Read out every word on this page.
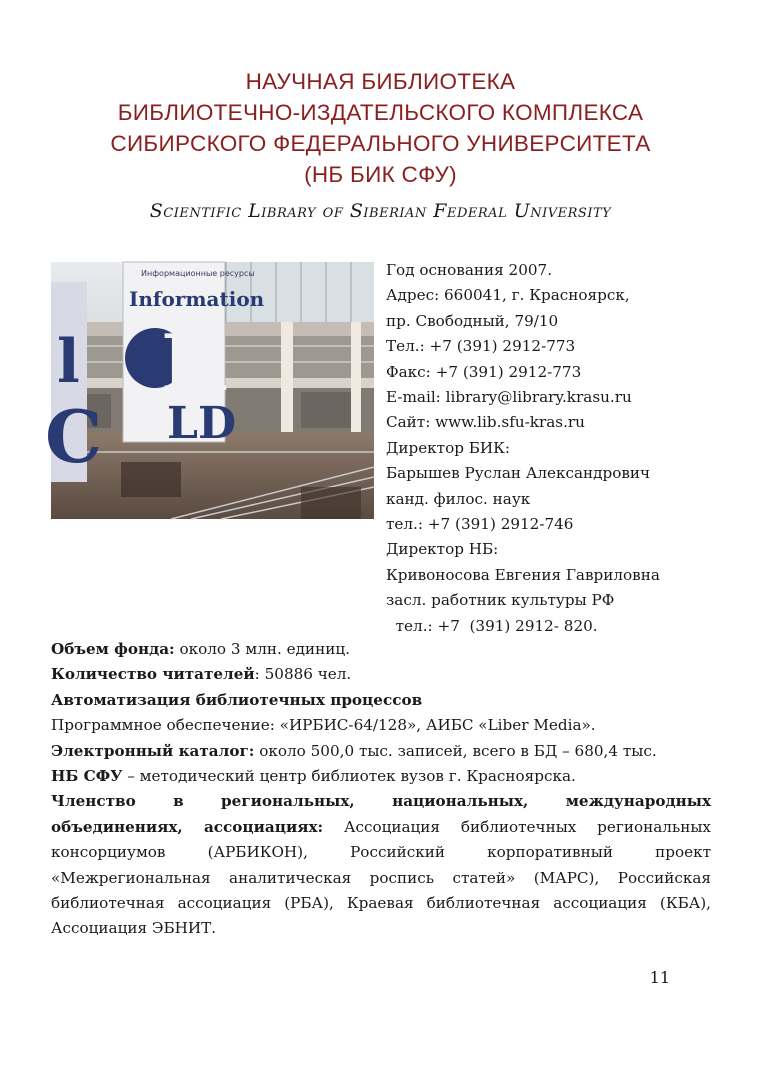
НАУЧНАЯ БИБЛИОТЕКА
БИБЛИОТЕЧНО-ИЗДАТЕЛЬСКОГО КОМПЛЕКСА
СИБИРСКОГО ФЕДЕРАЛЬНОГО УНИВЕРСИТЕТА
(НБ БИК СФУ)
Scientific Library of Siberian Federal University
l
C
Информационные ресурсы
Information
R
LD
Год основания 2007.
Адрес: 660041, г. Красноярск,
пр. Свободный, 79/10
Тел.: +7 (391) 2912-773
Факс: +7 (391) 2912-773
E-mail: library@library.krasu.ru
Сайт: www.lib.sfu-kras.ru
Директор БИК:
Барышев Руслан Александрович
канд. филос. наук
тел.: +7 (391) 2912-746
Директор НБ:
Кривоносова Евгения Гавриловна
засл. работник культуры РФ
тел.: +7  (391) 2912- 820.

Объем фонда: около 3 млн. единиц.

Количество читателей: 50886 чел.

Автоматизация библиотечных процессов

Программное обеспечение: «ИРБИС-64/128», АИБС «Liber Media».

Электронный каталог: около 500,0 тыс. записей, всего в БД – 680,4 тыс.

НБ СФУ – методический центр библиотек вузов г. Красноярска.

Членство в региональных, национальных, международных объединениях, ассоциациях: Ассоциация библиотечных региональных консорциумов (АРБИКОН), Российский корпоративный проект «Межрегиональная аналитическая роспись статей» (МАРС), Российская библиотечная ассоциация (РБА), Краевая библиотечная ассоциация (КБА), Ассоциация ЭБНИТ.

11
